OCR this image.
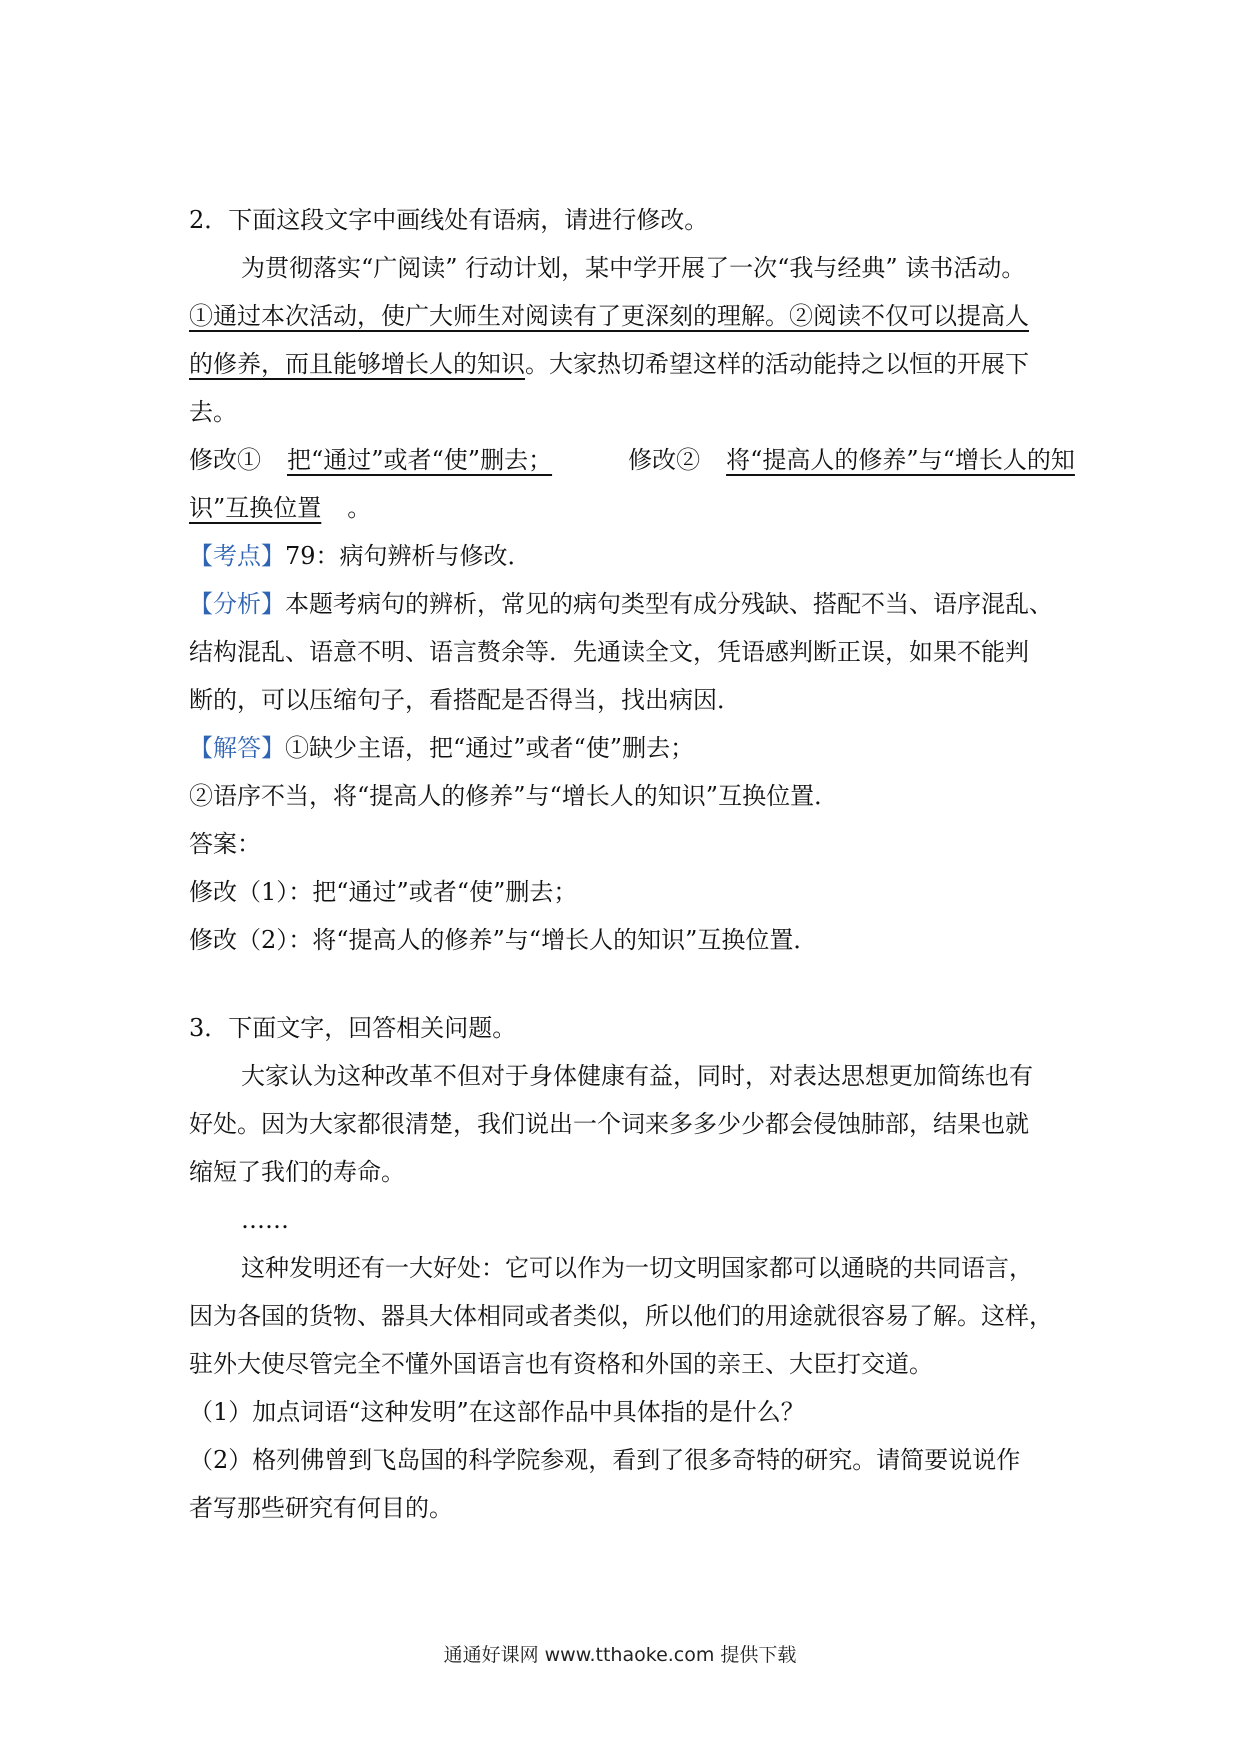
2．下面这段文字中画线处有语病，请进行修改。
为贯彻落实“广阅读” 行动计划，某中学开展了一次“我与经典” 读书活动。
①通过本次活动，使广大师生对阅读有了更深刻的理解。②阅读不仅可以提高人
的修养，而且能够增长人的知识。大家热切希望这样的活动能持之以恒的开展下
去。
修改① 把“通过”或者“使”删去；	修改② 将“提高人的修养”与“增长人的知
识”互换位置 。
【考点】79：病句辨析与修改．
【分析】本题考病句的辨析，常见的病句类型有成分残缺、搭配不当、语序混乱、
结构混乱、语意不明、语言赘余等．先通读全文，凭语感判断正误，如果不能判
断的，可以压缩句子，看搭配是否得当，找出病因．
【解答】①缺少主语，把“通过”或者“使”删去；
②语序不当，将“提高人的修养”与“增长人的知识”互换位置．
答案：
修改（1）：把“通过”或者“使”删去；
修改（2）：将“提高人的修养”与“增长人的知识”互换位置．
3．下面文字，回答相关问题。
大家认为这种改革不但对于身体健康有益，同时，对表达思想更加简练也有
好处。因为大家都很清楚，我们说出一个词来多多少少都会侵蚀肺部，结果也就
缩短了我们的寿命。
……
这种发明还有一大好处：它可以作为一切文明国家都可以通晓的共同语言，
因为各国的货物、器具大体相同或者类似，所以他们的用途就很容易了解。这样，
驻外大使尽管完全不懂外国语言也有资格和外国的亲王、大臣打交道。
（1）加点词语“这种发明”在这部作品中具体指的是什么？
（2）格列佛曾到飞岛国的科学院参观，看到了很多奇特的研究。请简要说说作
者写那些研究有何目的。
通通好课网 www.tthaoke.com 提供下载
